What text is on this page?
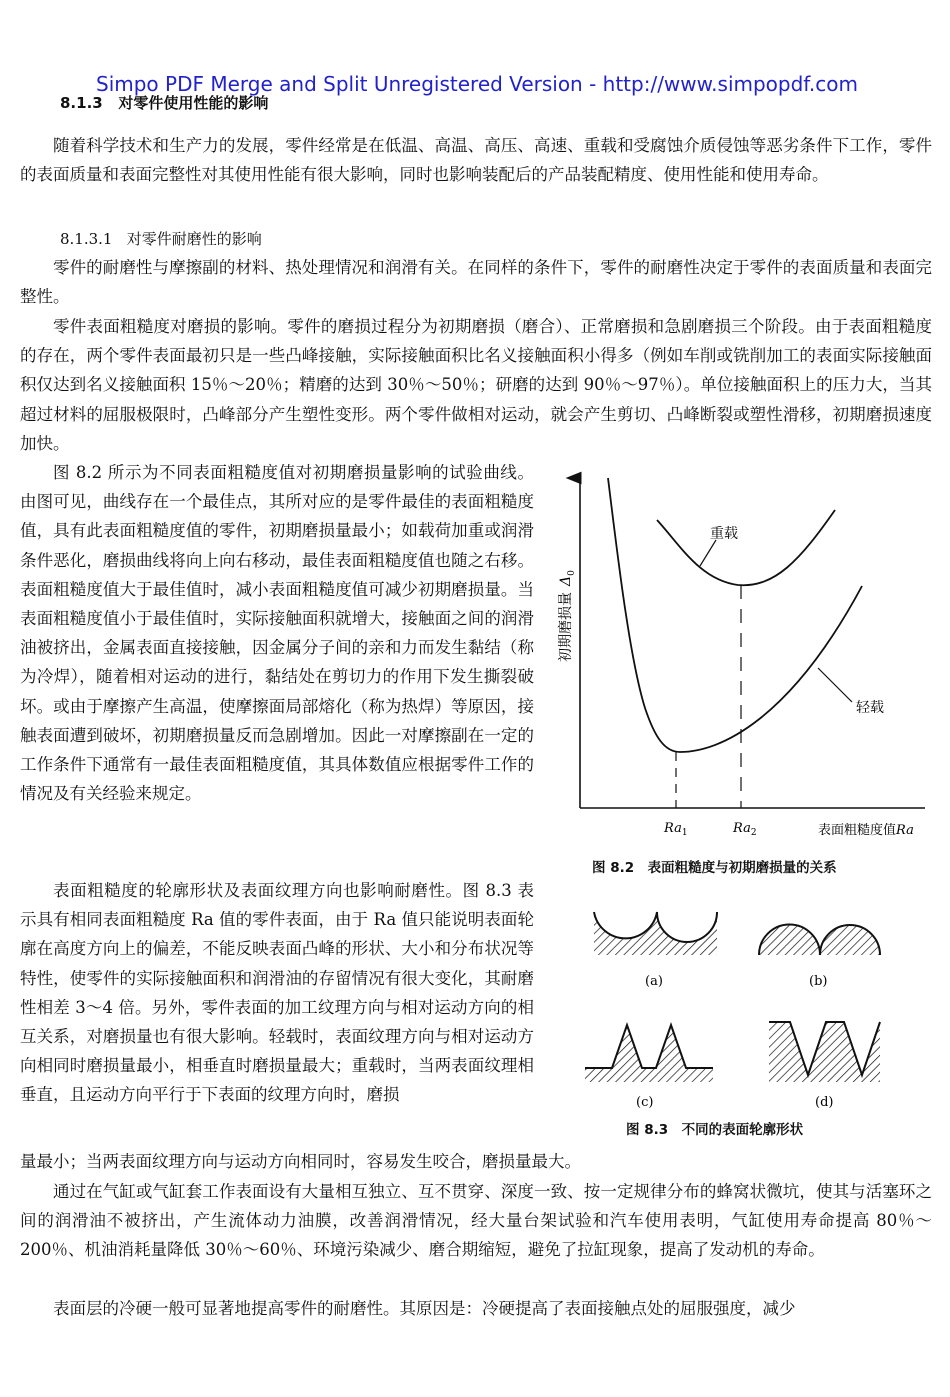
Simpo PDF Merge and Split Unregistered Version - http://www.simpopdf.com
8.1.3 对零件使用性能的影响

随着科学技术和生产力的发展，零件经常是在低温、高温、高压、高速、重载和受腐蚀介质侵蚀等恶劣条件下工作，零件的表面质量和表面完整性对其使用性能有很大影响，同时也影响装配后的产品装配精度、使用性能和使用寿命。

8.1.3.1 对零件耐磨性的影响

零件的耐磨性与摩擦副的材料、热处理情况和润滑有关。在同样的条件下，零件的耐磨性决定于零件的表面质量和表面完整性。

零件表面粗糙度对磨损的影响。零件的磨损过程分为初期磨损（磨合）、正常磨损和急剧磨损三个阶段。由于表面粗糙度的存在，两个零件表面最初只是一些凸峰接触，实际接触面积比名义接触面积小得多（例如车削或铣削加工的表面实际接触面积仅达到名义接触面积 15％～20％；精磨的达到 30％～50％；研磨的达到 90％～97％）。单位接触面积上的压力大，当其超过材料的屈服极限时，凸峰部分产生塑性变形。两个零件做相对运动，就会产生剪切、凸峰断裂或塑性滑移，初期磨损速度加快。

图 8.2 所示为不同表面粗糙度值对初期磨损量影响的试验曲线。由图可见，曲线存在一个最佳点，其所对应的是零件最佳的表面粗糙度值，具有此表面粗糙度值的零件，初期磨损量最小；如载荷加重或润滑条件恶化，磨损曲线将向上向右移动，最佳表面粗糙度值也随之右移。表面粗糙度值大于最佳值时，减小表面粗糙度值可减少初期磨损量。当表面粗糙度值小于最佳值时，实际接触面积就增大，接触面之间的润滑油被挤出，金属表面直接接触，因金属分子间的亲和力而发生黏结（称为冷焊），随着相对运动的进行，黏结处在剪切力的作用下发生撕裂破坏。或由于摩擦产生高温，使摩擦面局部熔化（称为热焊）等原因，接触表面遭到破坏，初期磨损量反而急剧增加。因此一对摩擦副在一定的工作条件下通常有一最佳表面粗糙度值，其具体数值应根据零件工作的情况及有关经验来规定。

表面粗糙度的轮廓形状及表面纹理方向也影响耐磨性。图 8.3 表示具有相同表面粗糙度 Ra 值的零件表面，由于 Ra 值只能说明表面轮廓在高度方向上的偏差，不能反映表面凸峰的形状、大小和分布状况等特性，使零件的实际接触面积和润滑油的存留情况有很大变化，其耐磨性相差 3～4 倍。另外，零件表面的加工纹理方向与相对运动方向的相互关系，对磨损量也有很大影响。轻载时，表面纹理方向与相对运动方向相同时磨损量最小，相垂直时磨损量最大；重载时，当两表面纹理相垂直，且运动方向平行于下表面的纹理方向时，磨损

量最小；当两表面纹理方向与运动方向相同时，容易发生咬合，磨损量最大。

通过在气缸或气缸套工作表面设有大量相互独立、互不贯穿、深度一致、按一定规律分布的蜂窝状微坑，使其与活塞环之间的润滑油不被挤出，产生流体动力油膜，改善润滑情况，经大量台架试验和汽车使用表明，气缸使用寿命提高 80％～200％、机油消耗量降低 30％～60％、环境污染减少、磨合期缩短，避免了拉缸现象，提高了发动机的寿命。

表面层的冷硬一般可显著地提高零件的耐磨性。其原因是：冷硬提高了表面接触点处的屈服强度，减少

重载
轻载
初期磨损量$\Delta_0$
$Ra_1$	$Ra_2$	表面粗糙度值Ra
图 8.2　表面粗糙度与初期磨损量的关系
(a)	(b)
(c)	(d)
图 8.3　不同的表面轮廓形状
